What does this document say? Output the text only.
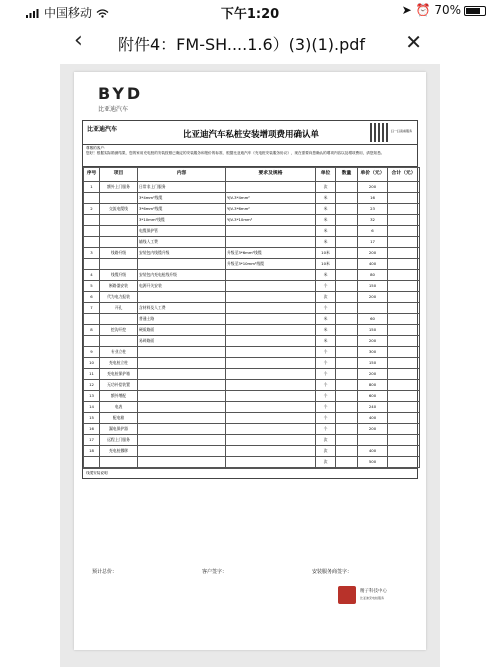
中国移动	下午1:20	➤ ⏰ 70%
‹ 附件4：FM-SH....1.6）(3)(1).pdf ✕
BYD
比亚迪汽车
比亚迪汽车
比亚迪汽车私桩安装增项费用确认单	扫一扫查看服务
尊敬的客户：
您好！根据实际勘测结果，您的家用充电桩的安装按照已确定的安装服务和报价的标准，根据比亚迪汽车《充电桩安装服务协议》，现在需要向您确认的增项内容以及增项费用，请您知悉。
序号	项目	内容	要求及规格	单位	数量	单价（元）	合计（元）
1	额外上门服务	日常非上门服务		次		200	
		3*4mm²线缆	YJV-3*4mm²	米		16	
2	交流电缆线	3*6mm²线缆	YJV-3*6mm²	米		23	
		3*10mm²线缆	YJV-3*10mm²	米		32	
		电缆保护管		米		6	
		辅线人工费		米		17	
3	线路升级	安装包内线缆升级	升级至3*6mm²线缆	10米		200	
			升级至3*10mm²线缆	10米		400	
4	线缆升级	安装包内充电枪线升级		米		80	
5	断路器安装	电源开关安装		个		150	
6	代为电力报装			次		200	
7	开孔	含材料及人工费		个			
		普通土路		米		60	
8	挖沟开挖	硬质路面		米		150	
		易碎路面		米		200	
9	专业立柱			个		300	
10	充电桩立柱			个		150	
11	充电桩保护箱			个		200	
12	无功补偿装置			个		800	
13	额外增配			个		600	
14	电表			个		240	
15	配电箱			个		400	
16	漏电保护器			个		200	
17	远程上门服务			次			
18	充电桩挪移			次		400	
				次		500	
线缆安装说明
预计总价：	客户签字：	安装服务商签字：
精子科技中心
比亚迪充电桩服务
